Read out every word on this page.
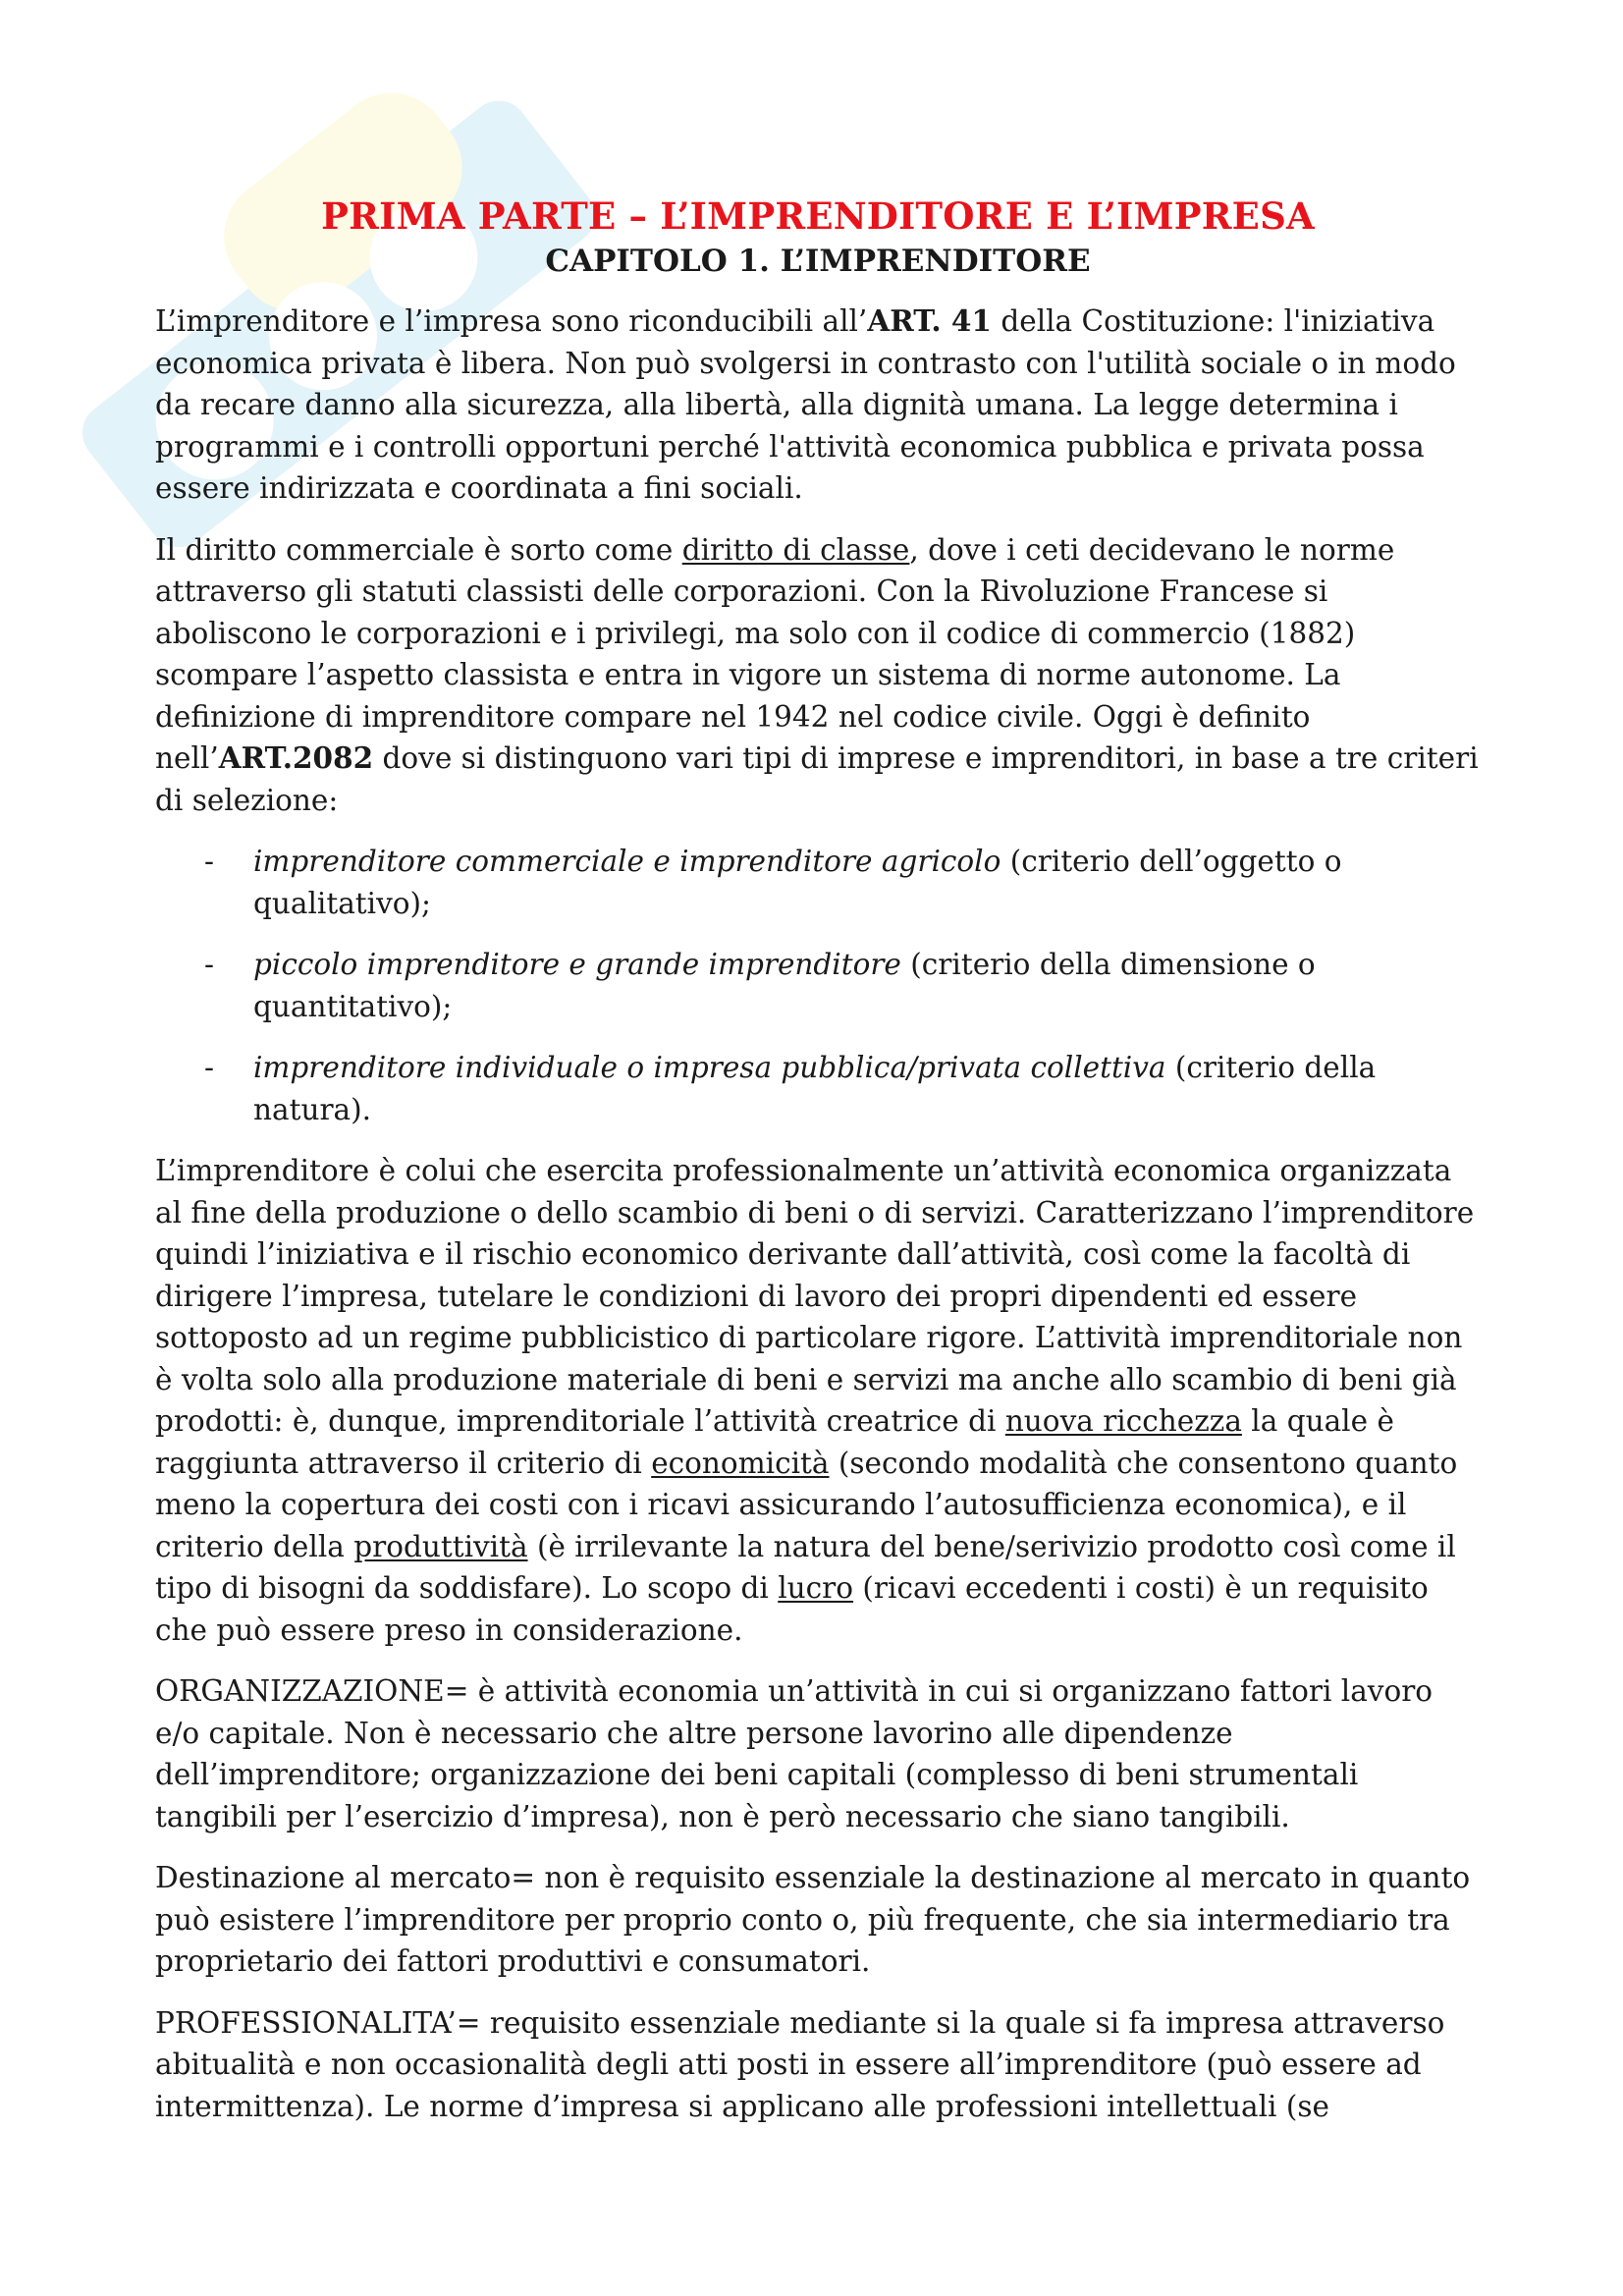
PRIMA PARTE – L’IMPRENDITORE E L’IMPRESA
CAPITOLO 1. L’IMPRENDITORE

L’imprenditore e l’impresa sono riconducibili all’ART. 41 della Costituzione: l'iniziativa economica privata è libera. Non può svolgersi in contrasto con l'utilità sociale o in modo da recare danno alla sicurezza, alla libertà, alla dignità umana. La legge determina i programmi e i controlli opportuni perché l'attività economica pubblica e privata possa essere indirizzata e coordinata a fini sociali.

Il diritto commerciale è sorto come diritto di classe, dove i ceti decidevano le norme attraverso gli statuti classisti delle corporazioni. Con la Rivoluzione Francese si aboliscono le corporazioni e i privilegi, ma solo con il codice di commercio (1882) scompare l’aspetto classista e entra in vigore un sistema di norme autonome. La definizione di imprenditore compare nel 1942 nel codice civile. Oggi è definito nell’ART.2082 dove si distinguono vari tipi di imprese e imprenditori, in base a tre criteri di selezione:

- imprenditore commerciale e imprenditore agricolo (criterio dell’oggetto o qualitativo);
- piccolo imprenditore e grande imprenditore (criterio della dimensione o quantitativo);
- imprenditore individuale o impresa pubblica/privata collettiva (criterio della natura).

L’imprenditore è colui che esercita professionalmente un’attività economica organizzata al fine della produzione o dello scambio di beni o di servizi. Caratterizzano l’imprenditore quindi l’iniziativa e il rischio economico derivante dall’attività, così come la facoltà di dirigere l’impresa, tutelare le condizioni di lavoro dei propri dipendenti ed essere sottoposto ad un regime pubblicistico di particolare rigore. L’attività imprenditoriale non è volta solo alla produzione materiale di beni e servizi ma anche allo scambio di beni già prodotti: è, dunque, imprenditoriale l’attività creatrice di nuova ricchezza la quale è raggiunta attraverso il criterio di economicità (secondo modalità che consentono quanto meno la copertura dei costi con i ricavi assicurando l’autosufficienza economica), e il criterio della produttività (è irrilevante la natura del bene/serivizio prodotto così come il tipo di bisogni da soddisfare). Lo scopo di lucro (ricavi eccedenti i costi) è un requisito che può essere preso in considerazione.

ORGANIZZAZIONE= è attività economia un’attività in cui si organizzano fattori lavoro e/o capitale. Non è necessario che altre persone lavorino alle dipendenze dell’imprenditore; organizzazione dei beni capitali (complesso di beni strumentali tangibili per l’esercizio d’impresa), non è però necessario che siano tangibili.

Destinazione al mercato= non è requisito essenziale la destinazione al mercato in quanto può esistere l’imprenditore per proprio conto o, più frequente, che sia intermediario tra proprietario dei fattori produttivi e consumatori.

PROFESSIONALITA’= requisito essenziale mediante si la quale si fa impresa attraverso abitualità e non occasionalità degli atti posti in essere all’imprenditore (può essere ad intermittenza). Le norme d’impresa si applicano alle professioni intellettuali (se
